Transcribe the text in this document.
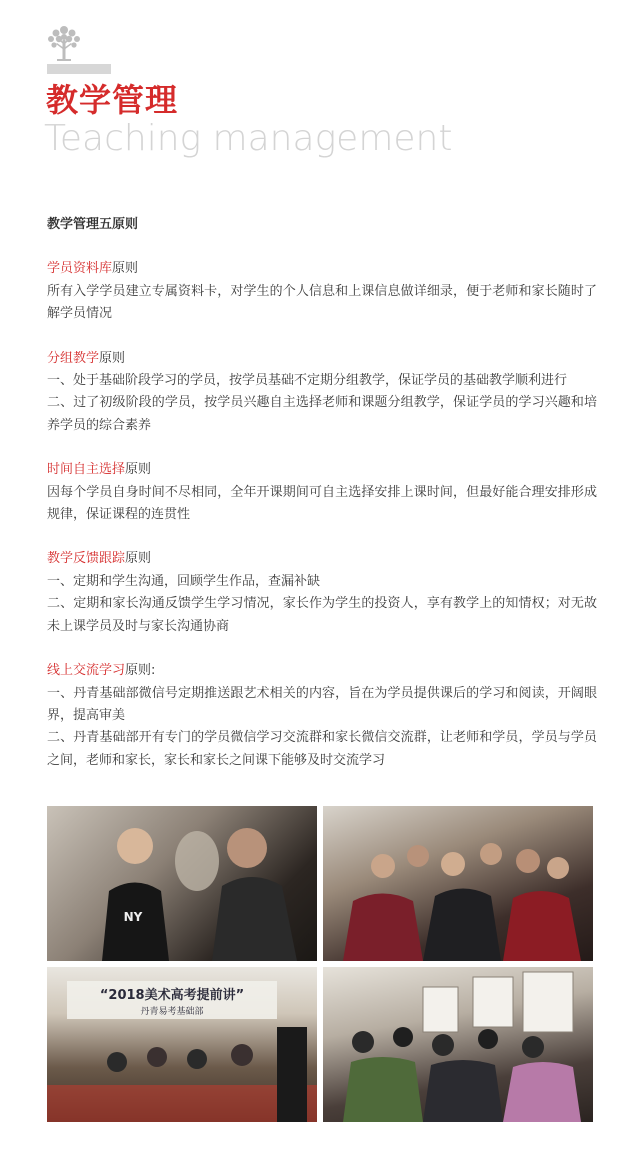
教学管理
Teaching management
教学管理五原则
学员资料库原则
所有入学学员建立专属资料卡，对学生的个人信息和上课信息做详细录，便于老师和家长随时了解学员情况
分组教学原则
一、处于基础阶段学习的学员，按学员基础不定期分组教学，保证学员的基础教学顺利进行
二、过了初级阶段的学员，按学员兴趣自主选择老师和课题分组教学，保证学员的学习兴趣和培养学员的综合素养
时间自主选择原则
因每个学员自身时间不尽相同，全年开课期间可自主选择安排上课时间，但最好能合理安排形成规律，保证课程的连贯性
教学反馈跟踪原则
一、定期和学生沟通，回顾学生作品，查漏补缺
二、定期和家长沟通反馈学生学习情况，家长作为学生的投资人，享有教学上的知情权；对无故未上课学员及时与家长沟通协商
线上交流学习原则:
一、丹青基础部微信号定期推送跟艺术相关的内容，旨在为学员提供课后的学习和阅读，开阔眼界，提高审美
二、丹青基础部开有专门的学员微信学习交流群和家长微信交流群，让老师和学员，学员与学员之间，老师和家长，家长和家长之间课下能够及时交流学习
NY
“2018美术高考提前讲”
丹青易考基础部
